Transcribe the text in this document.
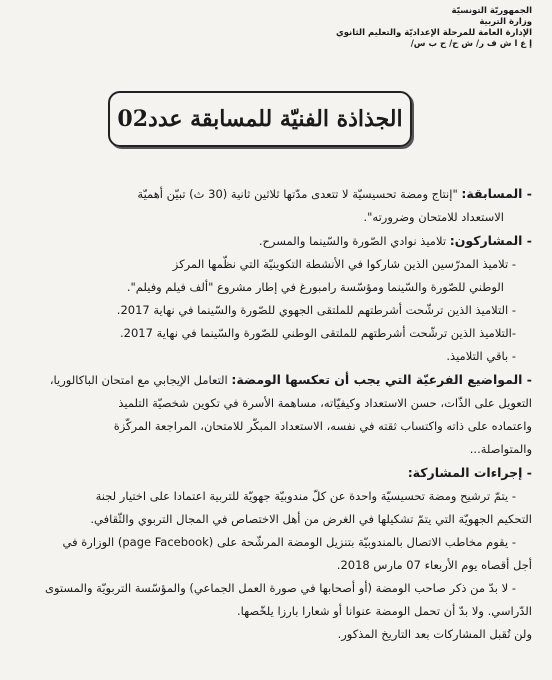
الجمهوريّة التونسيّة
وزارة التربية
الإدارة العامة للمرحلة الإعداديّة والتعليم الثانوي
إ ع ا ش ف ر/ ش ح/ ح ب س/
الجذاذة الفنيّة للمسابقة عدد02
- المسابقة: "إنتاج ومضة تحسيسيّة لا تتعدى مدّتها ثلاثين ثانية (30 ث) تبيّن أهميّة
الاستعداد للامتحان وضرورته".
- المشاركون: تلاميذ نوادي الصّورة والسّينما والمسرح.
- تلاميذ المدرّسين الذين شاركوا في الأنشطة التكوينيّة التي نظّمها المركز
الوطني للصّورة والسّينما ومؤسّسة رامبورغ في إطار مشروع "ألف فيلم وفيلم".
- التلاميذ الذين ترشّحت أشرطتهم للملتقى الجهوي للصّورة والسّينما في نهاية 2017.
-التلاميذ الذين ترشّحت أشرطتهم للملتقى الوطني للصّورة والسّينما في نهاية 2017.
- باقي التلاميذ.
- المواضيع الفرعيّة التي يجب أن تعكسها الومضة: التعامل الإيجابي مع امتحان الباكالوريا،
التعويل على الذّات، حسن الاستعداد وكيفيّاته، مساهمة الأسرة في تكوين شخصيّة التلميذ
واعتماده على ذاته واكتساب ثقته في نفسه، الاستعداد المبكّر للامتحان، المراجعة المركّزة
والمتواصلة...
- إجراءات المشاركة:
- يتمّ ترشيح ومضة تحسيسيّة واحدة عن كلّ مندوبيّة جهويّة للتربية اعتمادا على اختيار لجنة
التحكيم الجهويّة التي يتمّ تشكيلها في الغرض من أهل الاختصاص في المجال التربوي والثّقافي.
- يقوم مخاطب الاتصال بالمندوبيّة بتنزيل الومضة المرشّحة على (page Facebook) الوزارة في
أجل أقصاه يوم الأربعاء 07 مارس 2018.
- لا بدّ من ذكر صاحب الومضة (أو أصحابها في صورة العمل الجماعي) والمؤسّسة التربويّة والمستوى
الدّراسي. ولا بدّ أن تحمل الومضة عنوانا أو شعارا بارزا يلخّصها.
ولن تُقبل المشاركات بعد التاريخ المذكور.
